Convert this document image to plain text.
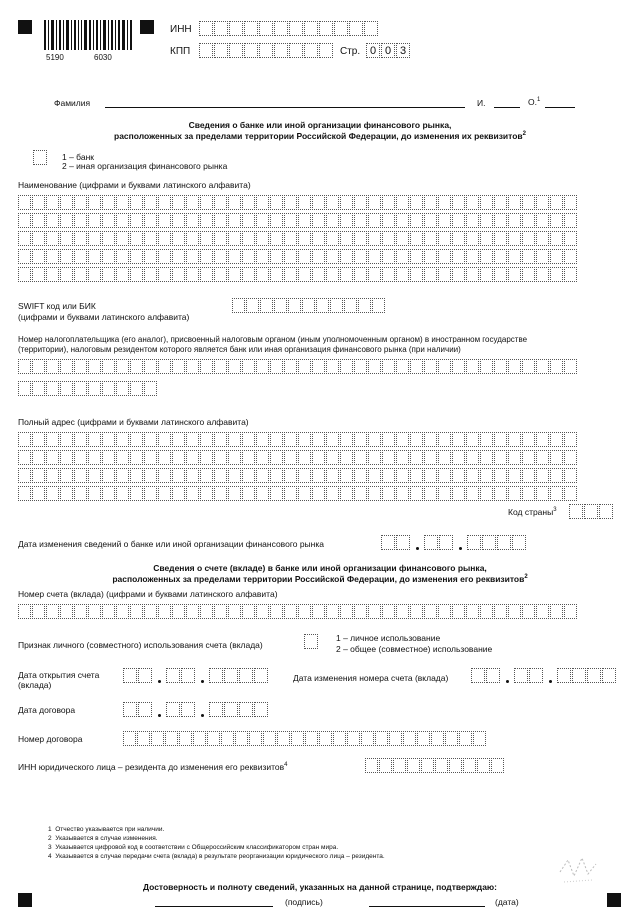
5190	6030
ИНН
КПП	Стр. 0 0 3
Фамилия	И.	О.$^1$
Сведения о банке или иной организации финансового рынка,
расположенных за пределами территории Российской Федерации, до изменения их реквизитов$^2$
1 – банк
2 – иная организация финансового рынка
Наименование (цифрами и буквами латинского алфавита)
SWIFT код или БИК
(цифрами и буквами латинского алфавита)
Номер налогоплательщика (его аналог), присвоенный налоговым органом (иным уполномоченным органом) в иностранном государстве
(территории), налоговым резидентом которого является банк или иная организация финансового рынка (при наличии)
Полный адрес (цифрами и буквами латинского алфавита)
Код страны$^3$
Дата изменения сведений о банке или иной организации финансового рынка
Сведения о счете (вкладе) в банке или иной организации финансового рынка,
расположенных за пределами территории Российской Федерации, до изменения его реквизитов$^2$
Номер счета (вклада) (цифрами и буквами латинского алфавита)
Признак личного (совместного) использования счета (вклада)
1 – личное использование
2 – общее (совместное) использование
Дата открытия счета
(вклада)
Дата изменения номера счета (вклада)
Дата договора
Номер договора
ИНН юридического лица – резидента до изменения его реквизитов$^4$
1 Отчество указывается при наличии.
2 Указывается в случае изменения.
3 Указывается цифровой код в соответствии с Общероссийским классификатором стран мира.
4 Указывается в случае передачи счета (вклада) в результате реорганизации юридического лица – резидента.
Достоверность и полноту сведений, указанных на данной странице, подтверждаю:
(подпись)	(дата)
